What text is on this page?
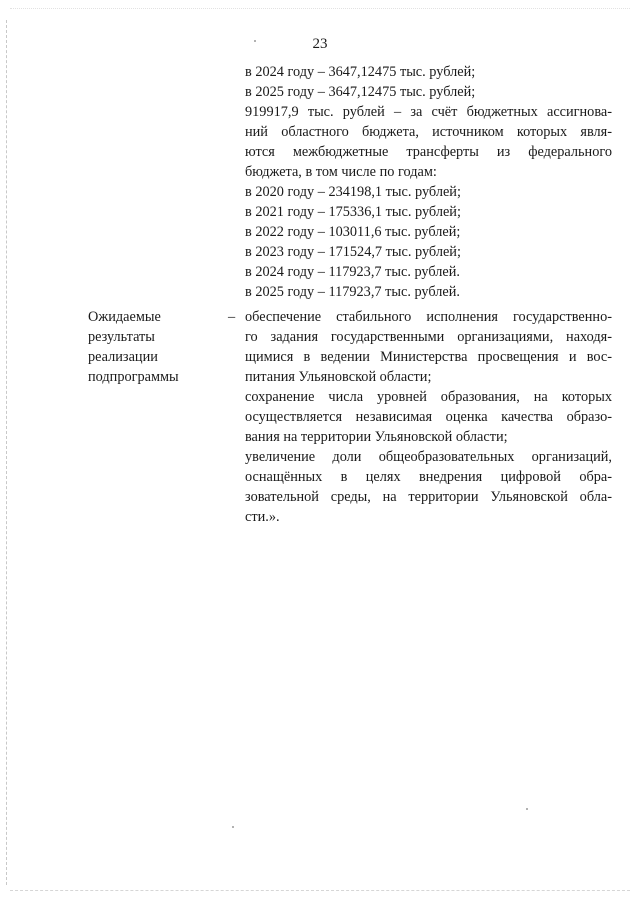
23
в 2024 году – 3647,12475 тыс. рублей;
в 2025 году – 3647,12475 тыс. рублей;
919917,9 тыс. рублей – за счёт бюджетных ассигнова-
ний областного бюджета, источником которых явля-
ются межбюджетные трансферты из федерального
бюджета, в том числе по годам:
в 2020 году – 234198,1 тыс. рублей;
в 2021 году – 175336,1 тыс. рублей;
в 2022 году – 103011,6 тыс. рублей;
в 2023 году – 171524,7 тыс. рублей;
в 2024 году – 117923,7 тыс. рублей.
в 2025 году – 117923,7 тыс. рублей.
Ожидаемые
результаты
реализации
подпрограммы
– обеспечение стабильного исполнения государственно-
го задания государственными организациями, находя-
щимися в ведении Министерства просвещения и вос-
питания Ульяновской области;
сохранение числа уровней образования, на которых
осуществляется независимая оценка качества образо-
вания на территории Ульяновской области;
увеличение доли общеобразовательных организаций,
оснащённых в целях внедрения цифровой обра-
зовательной среды, на территории Ульяновской обла-
сти.».
